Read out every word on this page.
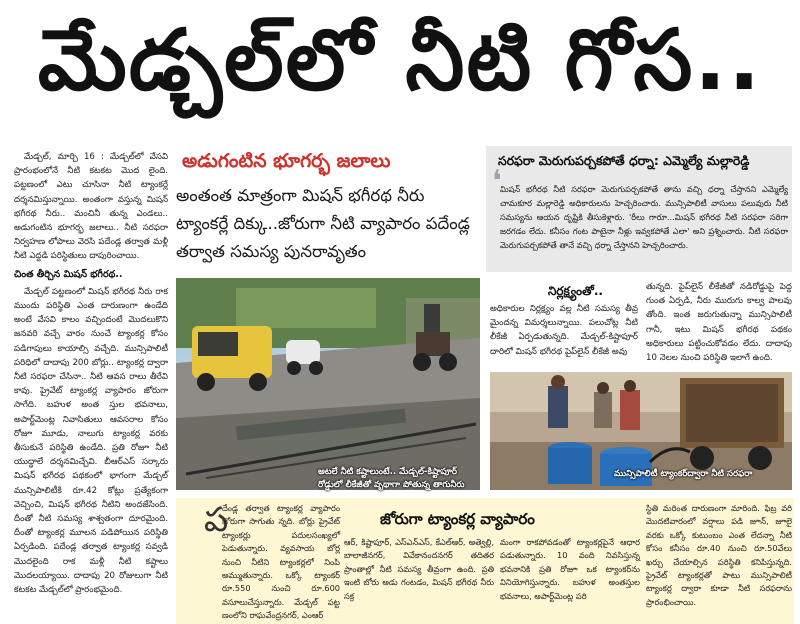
మేడ్చల్‌లో నీటి గోస..

మేడ్చల్‌, మార్చి 16 : మేడ్చల్‌లో వేసవి ప్రారంభంలోనే నీటి కటకట మొద లైంది. పట్టణంలో ఎటు చూసినా నీటి ట్యాంకర్లే దర్శనమిస్తున్నాయి. అంతంగా వస్తున్న మిషన్‌ భగీరథ నీరు.. మంచినీ తున్న ఎండలు.. అడుగంటిన భూగర్భ జలాలు.. నీటి సరఫరా నిర్వహణ లోపాలు వెరసి పదేండ్ల తర్వాత మళ్లీ నీటి ఎద్దడి పరిస్థితులు దాపురించాయి.

చింత తీర్చిన మిషన్‌ భగీరథ..

మేడ్చల్‌ పట్టణంలో మిషన్‌ భగీరథ నీరు రాక ముందు పరిస్థితి ఎంత దారుణంగా ఉండేది అంటే వేసవి కాలం వచ్చిందంటే మొదలుకొని జనవరి వచ్చే వారం నుంచే ట్యాంకర్ల కోసం పడిగాపులు కాయాల్సి వచ్చేది. మున్సిపాలిటీ పరిధిలో దాదాపు 200 బోర్లు.. ట్యాంకర్ల ద్వారా నీటి సరఫరా చేసినా.. నీటి ఆవస రాలు తీరేవి కావు. ప్రైవేట్‌ ట్యాంకర్ల వ్యాపారం జోరుగా సాగేది. బహుళ అంత స్తుల భవనాలు, అపార్ట్‌మెంట్ల నివాసితులు ఆవసరాల కోసం రోజూ మూడు, నాలుగు ట్యాంకర్ల వరకు తీసుకునే పరిస్థితి ఉండేది. ప్రతి రోజూ నీటి యుద్ధాలే దర్శనమిచ్చేవి. బీఆర్‌ఎస్‌ సర్కారు మిషన్‌ భగీరథ పథకంలో భాగంగా మేడ్చల్‌ మున్సిపాలిటీకి రూ.42 కోట్లు ప్రత్యేకంగా వెచ్చించి, మిషన్‌ భగీరథ నీటిని అందజేసింది. దీంతో నీటి సమస్య శాశ్వతంగా దూరమైంది. దీంతో ట్యాంకర్ల మూలన పడిపోయిన పరిస్థితి ఏర్పడింది. పదేండ్ల తర్వాత ట్యాంకర్ల సవ్వడి మొదలైంది రాక మళ్లీ నీటి కష్టాలు మొదలయ్యాయి. దాదాపు 20 రోజులుగా నీటి కటకట మేడ్చల్‌లో ప్రారంభమైంది.

అడుగంటిన భూగర్భ జలాలు
అంతంత మాత్రంగా మిషన్‌ భగీరథ నీరు ట్యాంకర్లే దిక్కు..జోరుగా నీటి వ్యాపారం పదేండ్ల తర్వాత సమస్య పునరావృతం
అటలే నీటి కష్టాలుంటే.. మేడ్చల్‌-కిష్టాపూర్‌ రోడ్డులో లీకేజీతో వృథాగా పోతున్న తాగునీరు
సరఫరా మెరుగుపర్చకపోతే ధర్నా: ఎమ్మెల్యే మల్లారెడ్డి
మిషన్‌ భగీరథ నీటి సరఫరా మెరుగుపర్చకపోతే తాను వచ్చి ధర్నా చేస్తానని ఎమ్మెల్యే చామకూర మల్లారెడ్డి అధికారులను హెచ్చరించారు. మున్సిపాలిటీ వాసులు పలువురు నీటి సమస్యను ఆయన దృష్టికి తీసుకెళ్లారు. 'రీలు గారూ...మిషన్‌ భగీరథ నీటి సరఫరా సరిగా జరగడం లేదు. కనీసం గంట పాటైనా నీళ్లు ఇవ్వకపోతే ఎలా' అని ప్రశ్నించారు. నీటి సరఫరా మెరుగుపర్చకపోతే తానే వచ్చి ధర్నా చేస్తానని హెచ్చరించారు.
❛
నిర్లక్ష్యంతో..
అధికారుల నిర్లక్ష్యం వల్ల నీటి సమస్య తీవ్ర మైందన్న విమర్శలున్నాయి. పలుచోట్ల నీటి లీకేజీ ఏర్పడుతున్నది. మేడ్చల్‌-కిష్టాపూర్‌ దారిలో మిషన్‌ భగీరథ పైప్‌లైన్‌ లీకేజీ అవు
తున్నది. పైప్‌లైన్‌ లీకేజీతో నడిరోడ్డుపై పెద్ద గుంత ఏర్పడి, నీరు మురుగు కాల్వ పాలవు తోంది. ఇంత జరుగుతున్నా మున్సిపాలిటీ గానీ, ఇటు మిషన్‌ భగీరథ పథకం అధికారులు పట్టించుకోవడం లేదు. దాదాపు 10 నెలల నుంచి పరిస్థితి ఇలాగే ఉంది.
మున్సిపాలిటీ ట్యాంకర్‌ద్వారా నీటి సరఫరా
ప	జోరుగా ట్యాంకర్ల వ్యాపారం
దేండ్ల తర్వాత ట్యాంకర్ల వ్యాపారం జోరుగా సాగుతు న్నది. బోర్లు ప్రైవేట్‌ ట్యాంకర్లు పదులసంఖ్యలో పెడుతున్నారు. వ్యవసాయ బోర్ల నుంచి నీటిని ట్యాంకర్లలో నింపి అమ్ముతున్నారు. ఒక్కో ట్యాంకర్‌ రూ.550 నుంచి రూ.600 వసూలుచేస్తున్నారు. మేడ్చల్‌ పట్ట ణంలోని రాఘవేంద్రనగర్‌, ఎంఆర్‌
ఆర్‌, కిష్టాపూర్‌, ఎస్‌ఎన్‌ఎస్‌, కేఎల్‌ఆర్‌, అత్వెల్లి, బాలాజీనగర్‌, వివేకానందనగర్‌ తదితర ప్రాంతాల్లో నీటి సమస్య తీవ్రంగా ఉంది. ప్రతి ఇంటి బోరు అడు గంటడం, మిషన్‌ భగీరథ నీరు సక్ర
మంగా రాకపోవడంతో ట్యాంకర్లపైనే ఆధార పడుతున్నారు. 10 వంది నివసిస్తున్న భవనానికి ప్రతి రోజూ ఒక ట్యాంకర్‌ను వినియోగిస్తున్నారు. బహుళ అంతస్తుల భవనాలు, అపార్ట్‌మెంట్ల పరి
స్థితి మరింత దారుణంగా మారింది. ఫిబ్ర వరి మొదటివారంలో వర్షాలు పడి జూన్‌, జూలై వరకు ఒక్కో కుటుంబం ఎంత లేదన్నా నీటి కోసం కనీసం రూ.40 నుంచి రూ.50వేలు ఖర్చు చేయాల్సిన పరిస్థితి కనిపిస్తున్నది. ప్రైవేట్‌ ట్యాంకర్లతో పాటు మున్సిపాలిటీ ట్యాంకర్ల ద్వారా కూడా నీటి సరఫరాను ప్రారంభించాయి.
